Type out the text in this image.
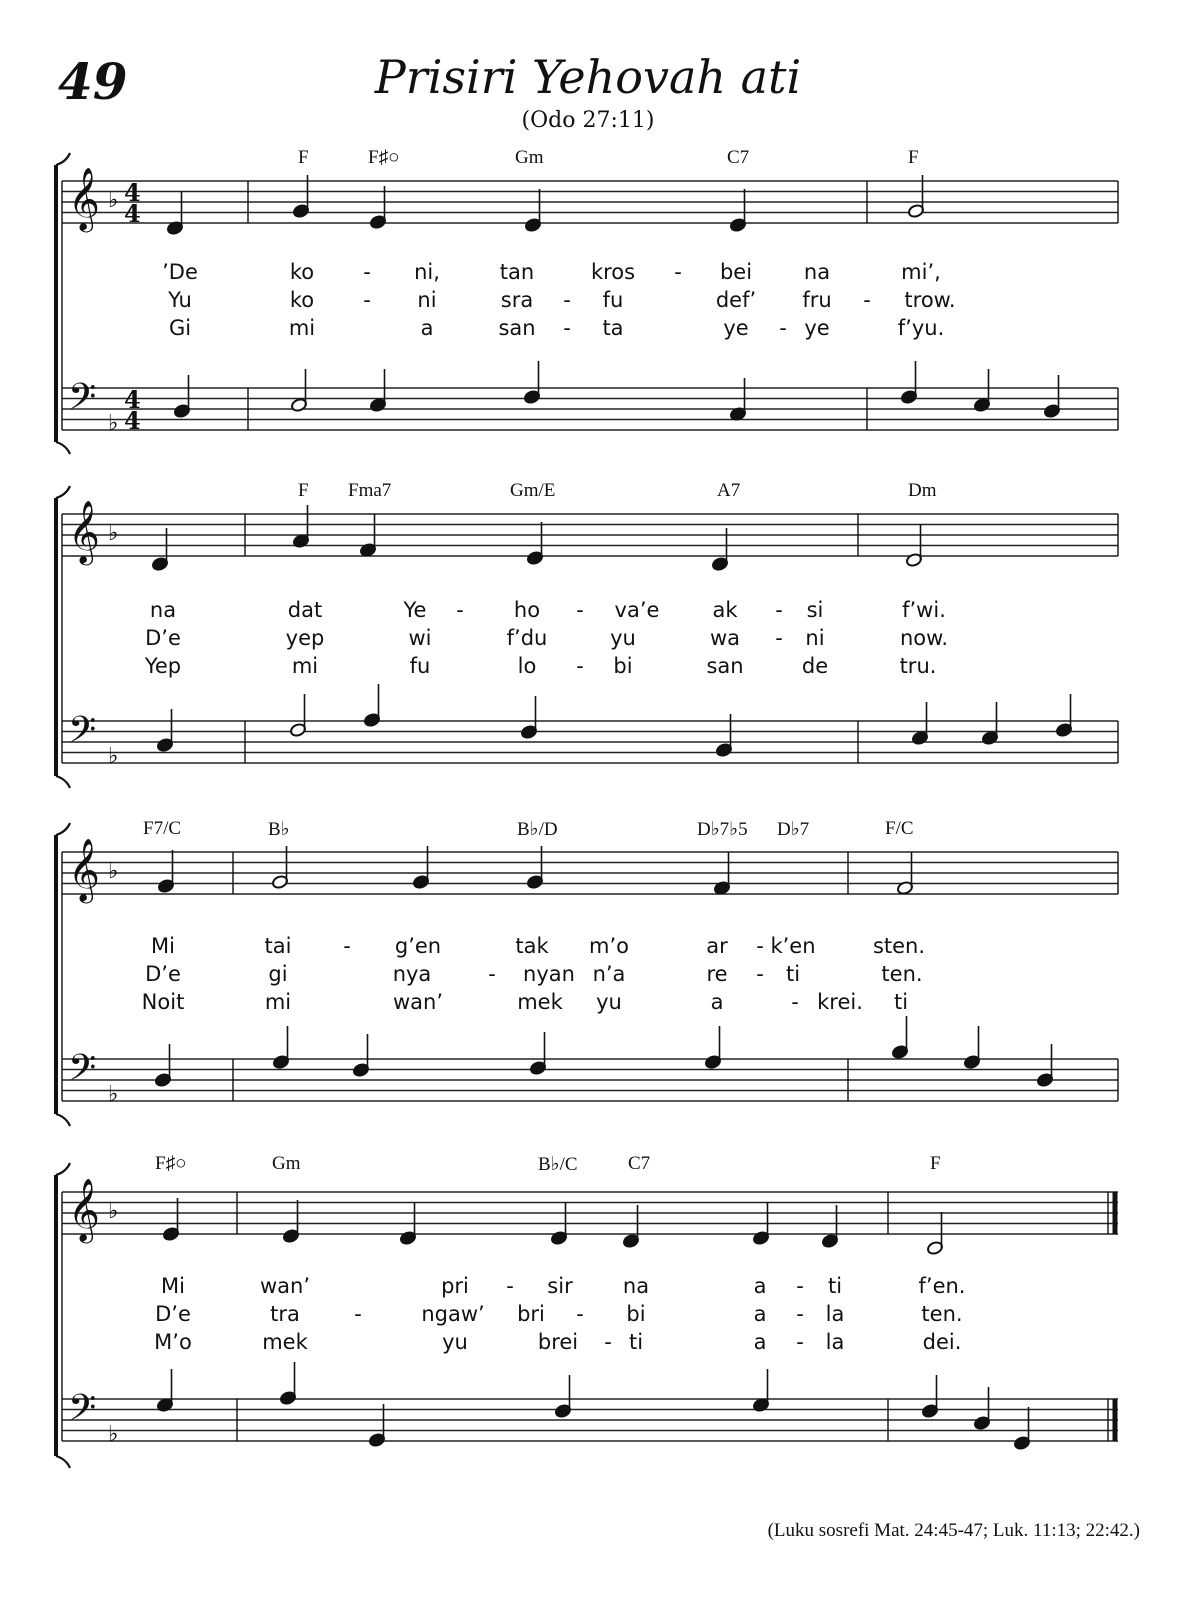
49	Prisiri Yehovah ati
(Odo 27:11)
𝄞
𝄢
♭
♭
4
4
4
4
𝄞
𝄢
♭
♭
𝄞
𝄢
♭
♭
𝄞
𝄢
♭
♭
F	F♯○	Gm	C7	F
’De	ko - ni,	tan	kros - bei na	mi’,
Yu	ko - ni	sra - fu	def’ fru - trow.
Gi	mi	a	san - ta	ye - ye	f’yu.
F Fma7	Gm/E	A7	Dm
na	dat	Ye - ho - va’e	ak - si	f’wi.
D’e	yep	wi	f’du	yu	wa - ni	now.
Yep	mi	fu	lo - bi	san	de	tru.
F7/C	B♭	B♭/D	D♭7♭5 D♭7	F/C
Mi	tai - g’en	tak m’o	ar - k’en	sten.
D’e	gi	nya	- nyan n’a	re - ti	ten.
Noit	mi	wan’	mek yu	a	-	ti
krei.
F♯○	Gm	B♭/C	C7	F
Mi	wan’	pri - sir na	a - ti	f’en.
D’e	tra	-	ngaw’ bri - bi	a - la	ten.
M’o	mek	yu	brei - ti	a - la	dei.
(Luku sosrefi Mat. 24:45-47; Luk. 11:13; 22:42.)
